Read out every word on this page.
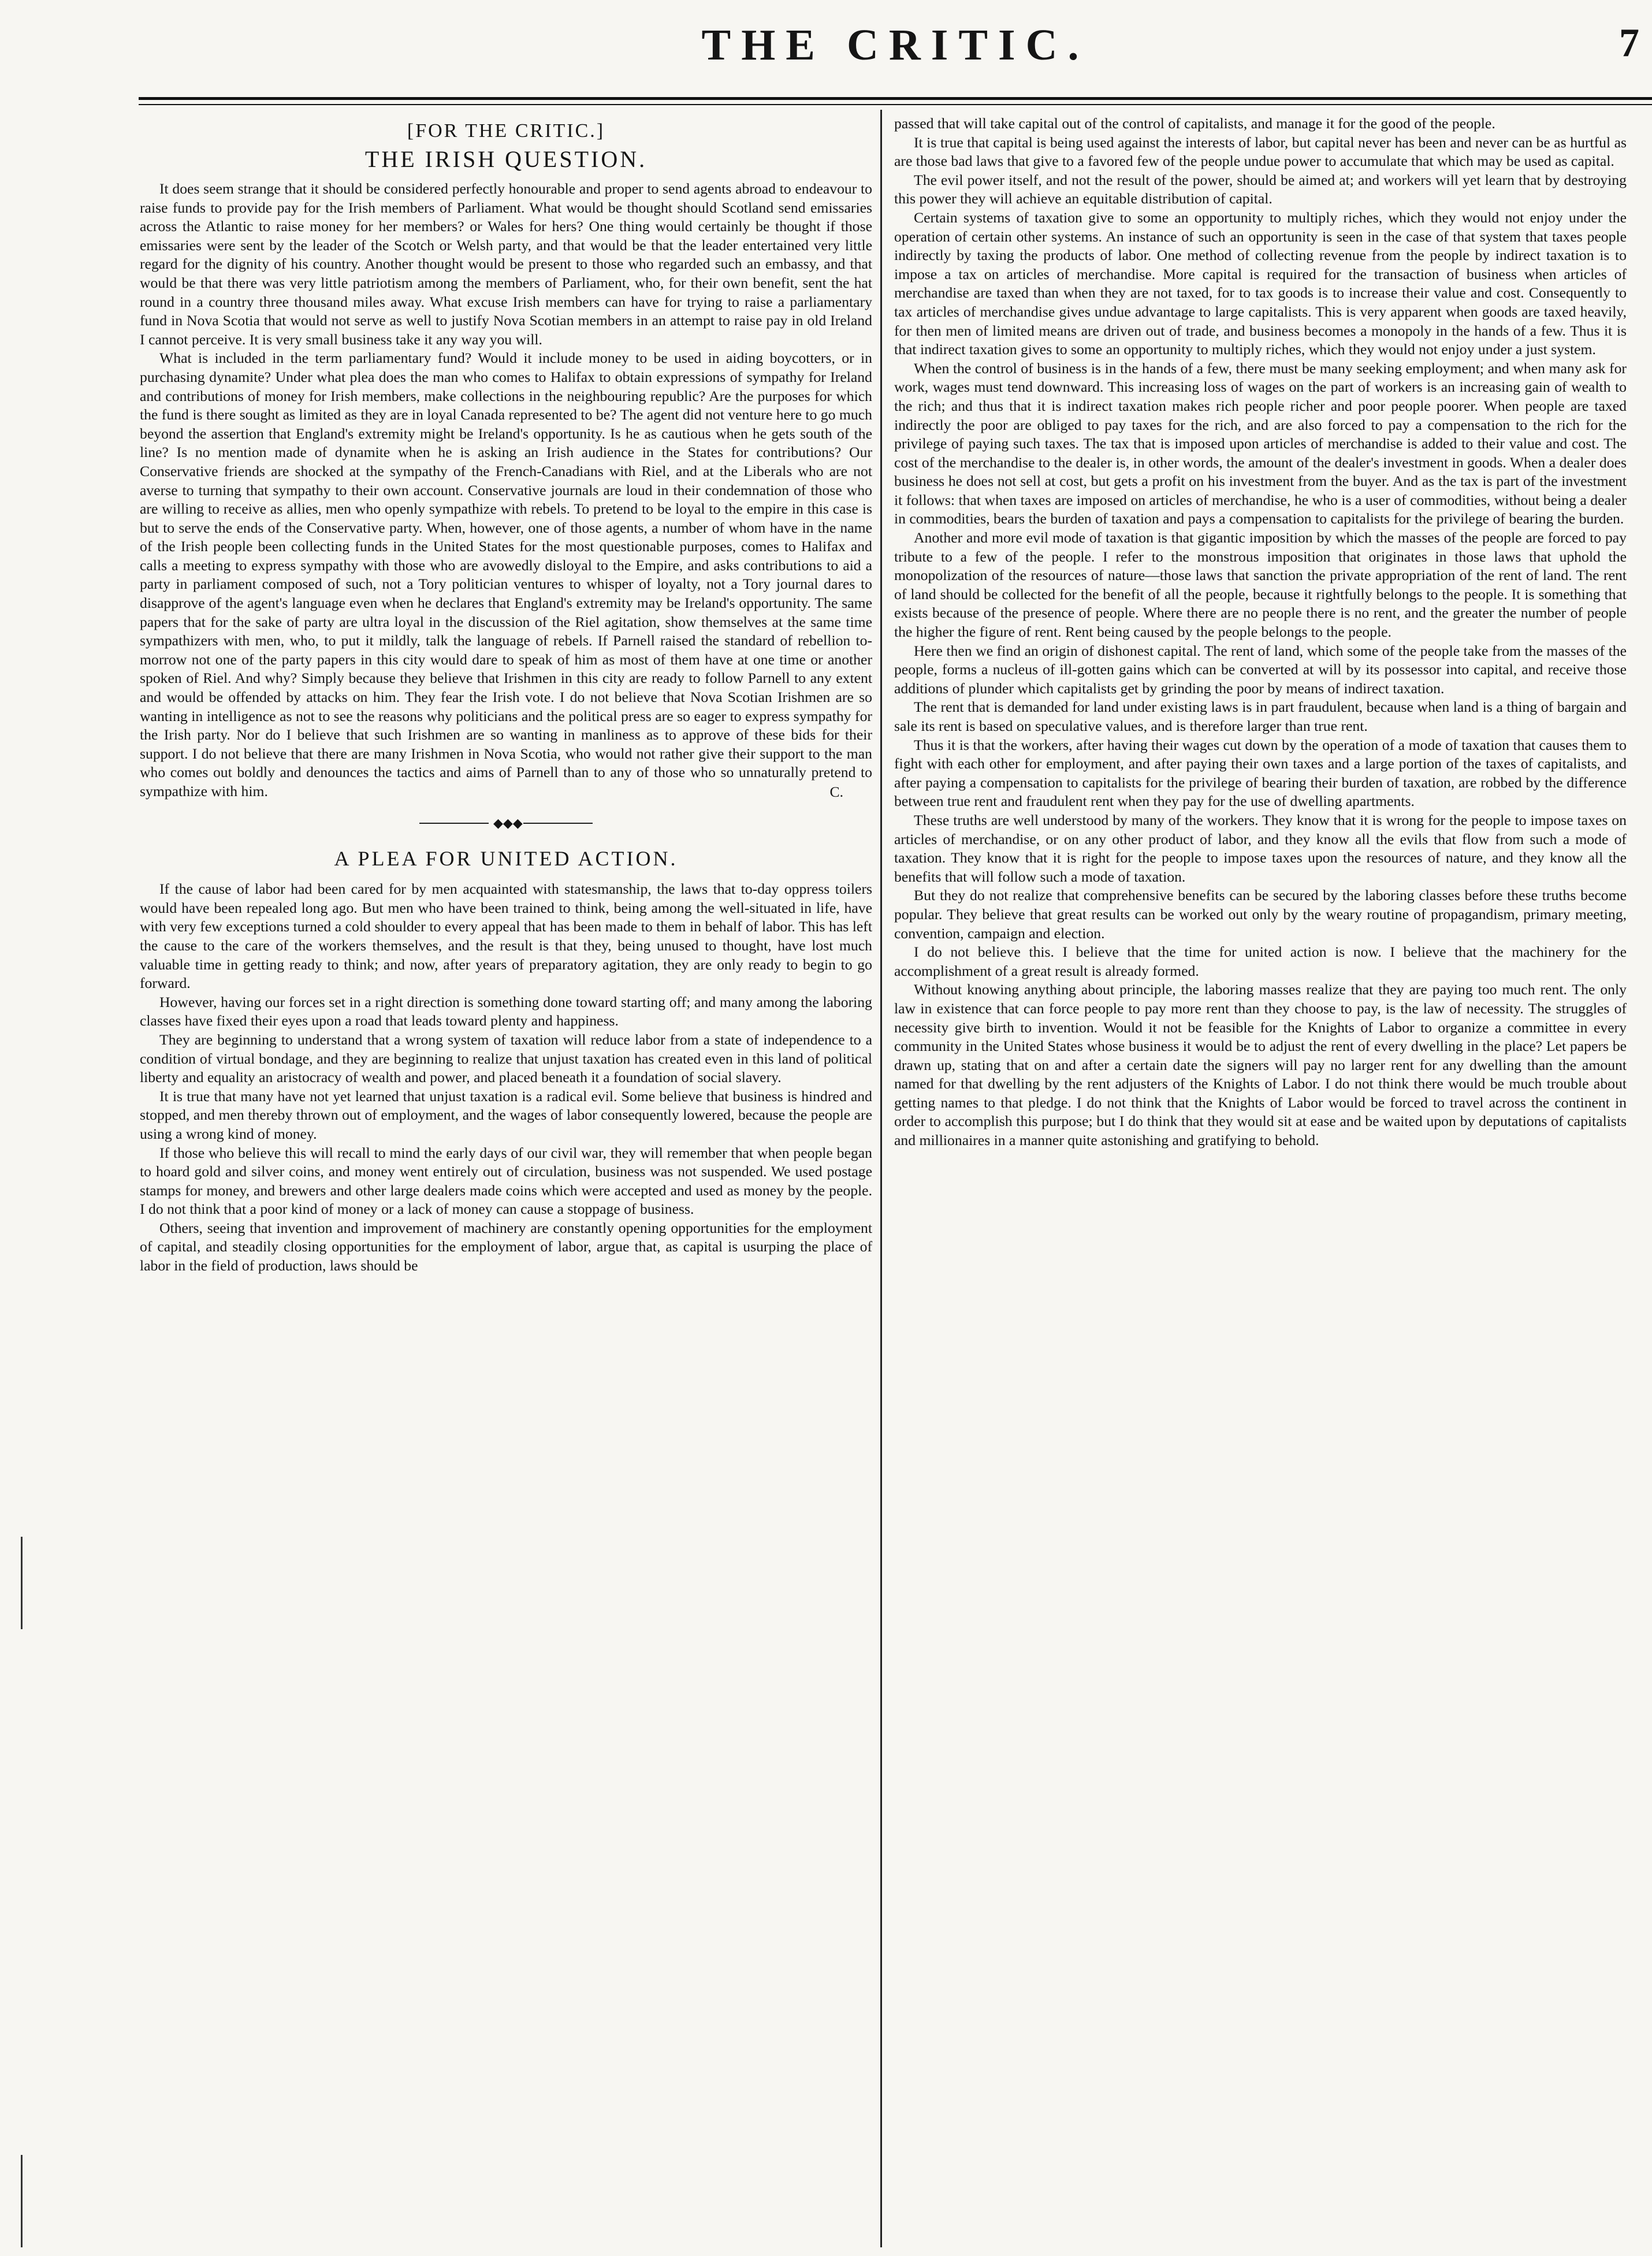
THE CRITIC.	7
[FOR THE CRITIC.]
THE IRISH QUESTION.

It does seem strange that it should be considered perfectly honourable and proper to send agents abroad to endeavour to raise funds to provide pay for the Irish members of Parliament. What would be thought should Scotland send emissaries across the Atlantic to raise money for her members? or Wales for hers? One thing would certainly be thought if those emissaries were sent by the leader of the Scotch or Welsh party, and that would be that the leader entertained very little regard for the dignity of his country. Another thought would be present to those who regarded such an embassy, and that would be that there was very little patriotism among the members of Parliament, who, for their own benefit, sent the hat round in a country three thousand miles away. What excuse Irish members can have for trying to raise a parliamentary fund in Nova Scotia that would not serve as well to justify Nova Scotian members in an attempt to raise pay in old Ireland I cannot perceive. It is very small business take it any way you will.

What is included in the term parliamentary fund? Would it include money to be used in aiding boycotters, or in purchasing dynamite? Under what plea does the man who comes to Halifax to obtain expressions of sympathy for Ireland and contributions of money for Irish members, make collections in the neighbouring republic? Are the purposes for which the fund is there sought as limited as they are in loyal Canada represented to be? The agent did not venture here to go much beyond the assertion that England's extremity might be Ireland's opportunity. Is he as cautious when he gets south of the line? Is no mention made of dynamite when he is asking an Irish audience in the States for contributions? Our Conservative friends are shocked at the sympathy of the French-Canadians with Riel, and at the Liberals who are not averse to turning that sympathy to their own account. Conservative journals are loud in their condemnation of those who are willing to receive as allies, men who openly sympathize with rebels. To pretend to be loyal to the empire in this case is but to serve the ends of the Conservative party. When, however, one of those agents, a number of whom have in the name of the Irish people been collecting funds in the United States for the most questionable purposes, comes to Halifax and calls a meeting to express sympathy with those who are avowedly disloyal to the Empire, and asks contributions to aid a party in parliament composed of such, not a Tory politician ventures to whisper of loyalty, not a Tory journal dares to disapprove of the agent's language even when he declares that England's extremity may be Ireland's opportunity. The same papers that for the sake of party are ultra loyal in the discussion of the Riel agitation, show themselves at the same time sympathizers with men, who, to put it mildly, talk the language of rebels. If Parnell raised the standard of rebellion to-morrow not one of the party papers in this city would dare to speak of him as most of them have at one time or another spoken of Riel. And why? Simply because they believe that Irishmen in this city are ready to follow Parnell to any extent and would be offended by attacks on him. They fear the Irish vote. I do not believe that Nova Scotian Irishmen are so wanting in intelligence as not to see the reasons why politicians and the political press are so eager to express sympathy for the Irish party. Nor do I believe that such Irishmen are so wanting in manliness as to approve of these bids for their support. I do not believe that there are many Irishmen in Nova Scotia, who would not rather give their support to the man who comes out boldly and denounces the tactics and aims of Parnell than to any of those who so unnaturally pretend to sympathize with him.	C.
◆◆◆
A PLEA FOR UNITED ACTION.

If the cause of labor had been cared for by men acquainted with statesmanship, the laws that to-day oppress toilers would have been repealed long ago. But men who have been trained to think, being among the well-situated in life, have with very few exceptions turned a cold shoulder to every appeal that has been made to them in behalf of labor. This has left the cause to the care of the workers themselves, and the result is that they, being unused to thought, have lost much valuable time in getting ready to think; and now, after years of preparatory agitation, they are only ready to begin to go forward.

However, having our forces set in a right direction is something done toward starting off; and many among the laboring classes have fixed their eyes upon a road that leads toward plenty and happiness.

They are beginning to understand that a wrong system of taxation will reduce labor from a state of independence to a condition of virtual bondage, and they are beginning to realize that unjust taxation has created even in this land of political liberty and equality an aristocracy of wealth and power, and placed beneath it a foundation of social slavery.

It is true that many have not yet learned that unjust taxation is a radical evil. Some believe that business is hindred and stopped, and men thereby thrown out of employment, and the wages of labor consequently lowered, because the people are using a wrong kind of money.

If those who believe this will recall to mind the early days of our civil war, they will remember that when people began to hoard gold and silver coins, and money went entirely out of circulation, business was not suspended. We used postage stamps for money, and brewers and other large dealers made coins which were accepted and used as money by the people. I do not think that a poor kind of money or a lack of money can cause a stoppage of business.

Others, seeing that invention and improvement of machinery are constantly opening opportunities for the employment of capital, and steadily closing opportunities for the employment of labor, argue that, as capital is usurping the place of labor in the field of production, laws should be

passed that will take capital out of the control of capitalists, and manage it for the good of the people.

It is true that capital is being used against the interests of labor, but capital never has been and never can be as hurtful as are those bad laws that give to a favored few of the people undue power to accumulate that which may be used as capital.

The evil power itself, and not the result of the power, should be aimed at; and workers will yet learn that by destroying this power they will achieve an equitable distribution of capital.

Certain systems of taxation give to some an opportunity to multiply riches, which they would not enjoy under the operation of certain other systems. An instance of such an opportunity is seen in the case of that system that taxes people indirectly by taxing the products of labor. One method of collecting revenue from the people by indirect taxation is to impose a tax on articles of merchandise. More capital is required for the transaction of business when articles of merchandise are taxed than when they are not taxed, for to tax goods is to increase their value and cost. Consequently to tax articles of merchandise gives undue advantage to large capitalists. This is very apparent when goods are taxed heavily, for then men of limited means are driven out of trade, and business becomes a monopoly in the hands of a few. Thus it is that indirect taxation gives to some an opportunity to multiply riches, which they would not enjoy under a just system.

When the control of business is in the hands of a few, there must be many seeking employment; and when many ask for work, wages must tend downward. This increasing loss of wages on the part of workers is an increasing gain of wealth to the rich; and thus that it is indirect taxation makes rich people richer and poor people poorer. When people are taxed indirectly the poor are obliged to pay taxes for the rich, and are also forced to pay a compensation to the rich for the privilege of paying such taxes. The tax that is imposed upon articles of merchandise is added to their value and cost. The cost of the merchandise to the dealer is, in other words, the amount of the dealer's investment in goods. When a dealer does business he does not sell at cost, but gets a profit on his investment from the buyer. And as the tax is part of the investment it follows: that when taxes are imposed on articles of merchandise, he who is a user of commodities, without being a dealer in commodities, bears the burden of taxation and pays a compensation to capitalists for the privilege of bearing the burden.

Another and more evil mode of taxation is that gigantic imposition by which the masses of the people are forced to pay tribute to a few of the people. I refer to the monstrous imposition that originates in those laws that uphold the monopolization of the resources of nature—those laws that sanction the private appropriation of the rent of land. The rent of land should be collected for the benefit of all the people, because it rightfully belongs to the people. It is something that exists because of the presence of people. Where there are no people there is no rent, and the greater the number of people the higher the figure of rent. Rent being caused by the people belongs to the people.

Here then we find an origin of dishonest capital. The rent of land, which some of the people take from the masses of the people, forms a nucleus of ill-gotten gains which can be converted at will by its possessor into capital, and receive those additions of plunder which capitalists get by grinding the poor by means of indirect taxation.

The rent that is demanded for land under existing laws is in part fraudulent, because when land is a thing of bargain and sale its rent is based on speculative values, and is therefore larger than true rent.

Thus it is that the workers, after having their wages cut down by the operation of a mode of taxation that causes them to fight with each other for employment, and after paying their own taxes and a large portion of the taxes of capitalists, and after paying a compensation to capitalists for the privilege of bearing their burden of taxation, are robbed by the difference between true rent and fraudulent rent when they pay for the use of dwelling apartments.

These truths are well understood by many of the workers. They know that it is wrong for the people to impose taxes on articles of merchandise, or on any other product of labor, and they know all the evils that flow from such a mode of taxation. They know that it is right for the people to impose taxes upon the resources of nature, and they know all the benefits that will follow such a mode of taxation.

But they do not realize that comprehensive benefits can be secured by the laboring classes before these truths become popular. They believe that great results can be worked out only by the weary routine of propagandism, primary meeting, convention, campaign and election.

I do not believe this. I believe that the time for united action is now. I believe that the machinery for the accomplishment of a great result is already formed.

Without knowing anything about principle, the laboring masses realize that they are paying too much rent. The only law in existence that can force people to pay more rent than they choose to pay, is the law of necessity. The struggles of necessity give birth to invention. Would it not be feasible for the Knights of Labor to organize a committee in every community in the United States whose business it would be to adjust the rent of every dwelling in the place? Let papers be drawn up, stating that on and after a certain date the signers will pay no larger rent for any dwelling than the amount named for that dwelling by the rent adjusters of the Knights of Labor. I do not think there would be much trouble about getting names to that pledge. I do not think that the Knights of Labor would be forced to travel across the continent in order to accomplish this purpose; but I do think that they would sit at ease and be waited upon by deputations of capitalists and millionaires in a manner quite astonishing and gratifying to behold.
